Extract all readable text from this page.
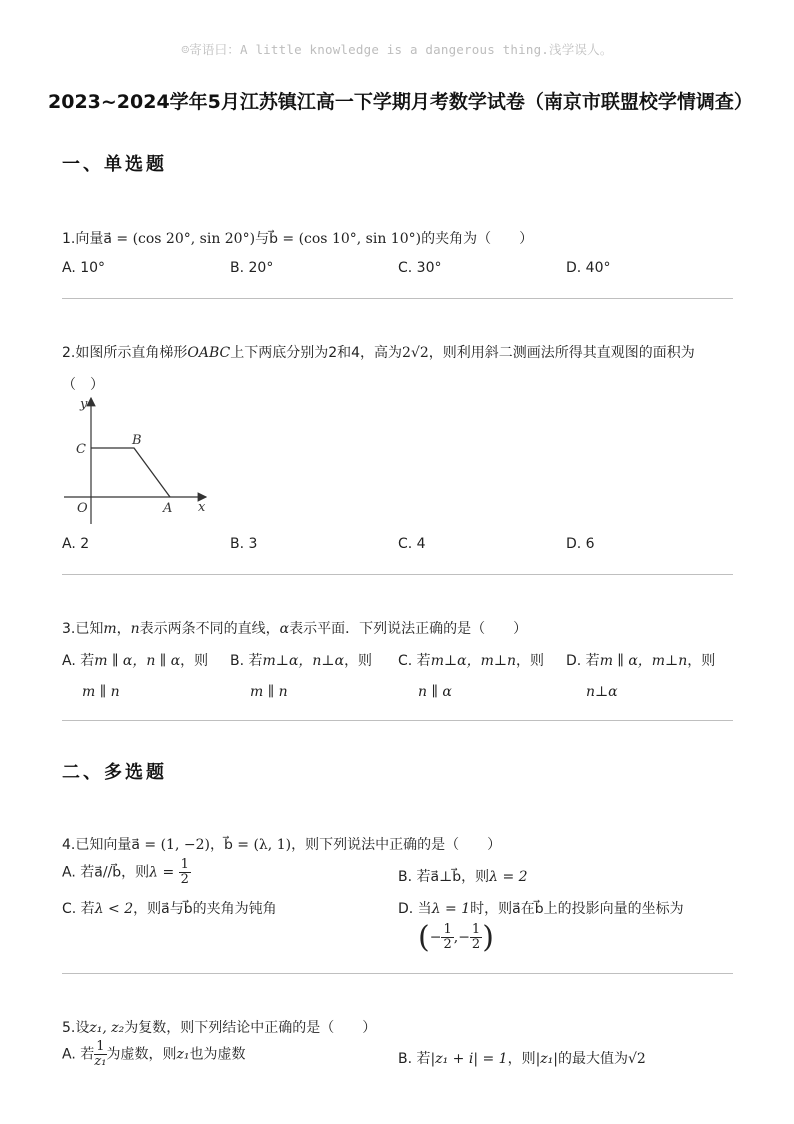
☺寄语曰：A little knowledge is a dangerous thing.浅学误人。
2023~2024学年5月江苏镇江高一下学期月考数学试卷（南京市联盟校学情调查）
一、单选题
1.向量a⃗ = (cos 20°, sin 20°)与b⃗ = (cos 10°, sin 10°)的夹角为（　　）
A. 10°	B. 20°	C. 30°	D. 40°
2.如图所示直角梯形OABC上下两底分别为2和4，高为2√2，则利用斜二测画法所得其直观图的面积为
（　）
y
x
C
B
O	A
A. 2	B. 3	C. 4	D. 6
3.已知m，n表示两条不同的直线，α表示平面．下列说法正确的是（　　）
A. 若m ∥ α，n ∥ α，则
m ∥ n
B. 若m⊥α，n⊥α，则
m ∥ n
C. 若m⊥α，m⊥n，则
n ∥ α
D. 若m ∥ α，m⊥n，则
n⊥α
二、多选题
4.已知向量a⃗ = (1, −2)，b⃗ = (λ, 1)，则下列说法中正确的是（　　）
A. 若a⃗//b⃗，则$\lambda = \frac{1}{2}$	B. 若a⃗⊥b⃗，则λ = 2
C. 若λ < 2，则a⃗与b⃗的夹角为钝角	D. 当λ = 1时，则a⃗在b⃗上的投影向量的坐标为
(− $\frac{1}{2}$ ,− $\frac{1}{2}$ )
5.设z₁, z₂为复数，则下列结论中正确的是（　　）
A. 若 $\frac{1}{\text{z₁}}$ 为虚数，则z₁也为虚数	B. 若|z₁ + i| = 1，则|z₁|的最大值为√2
